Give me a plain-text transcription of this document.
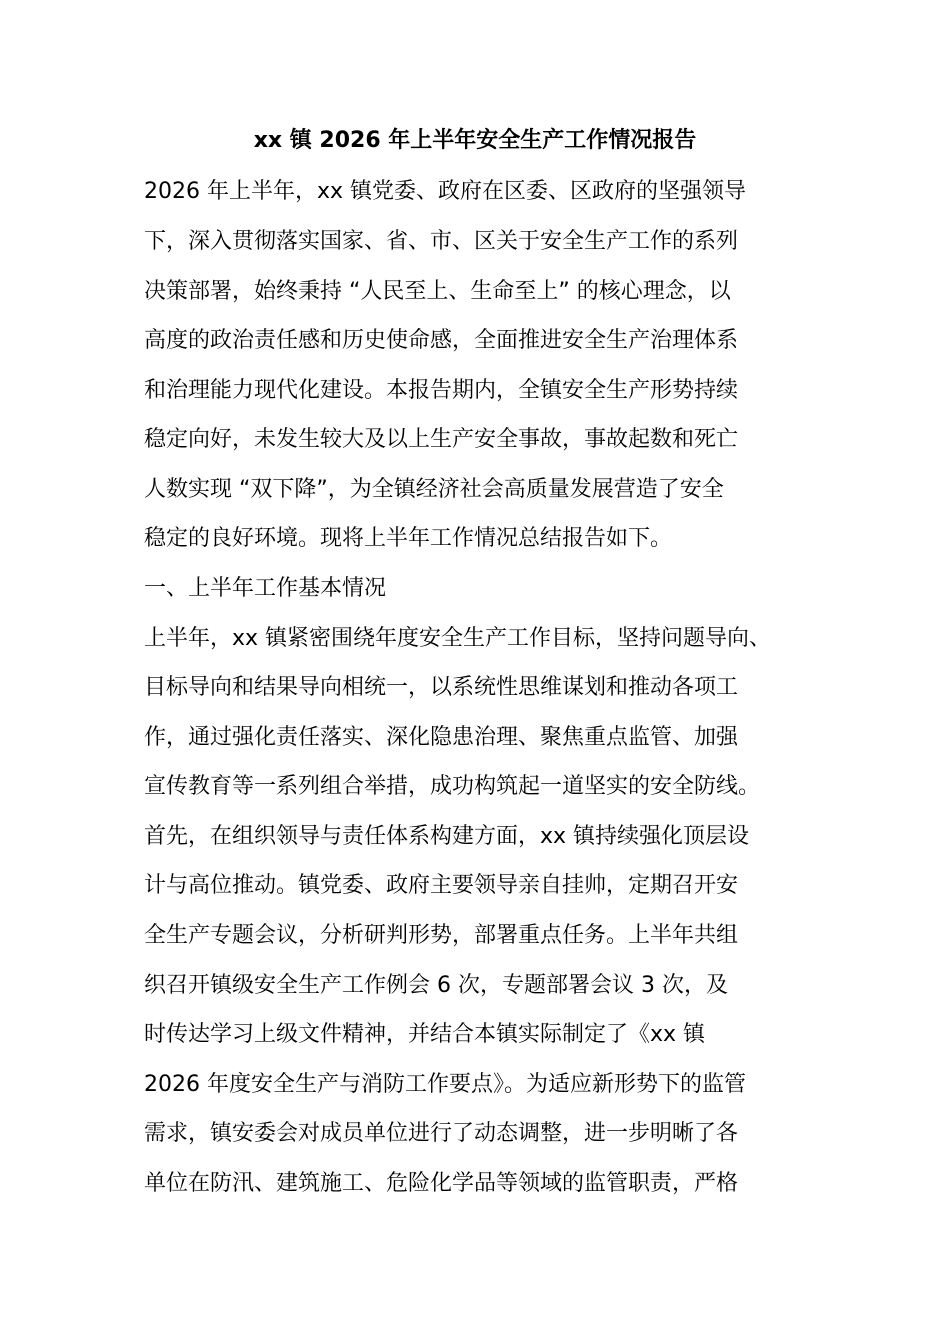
xx 镇 2026 年上半年安全生产工作情况报告
2026 年上半年，xx 镇党委、政府在区委、区政府的坚强领导
下，深入贯彻落实国家、省、市、区关于安全生产工作的系列
决策部署，始终秉持 “人民至上、生命至上” 的核心理念，以
高度的政治责任感和历史使命感，全面推进安全生产治理体系
和治理能力现代化建设。本报告期内，全镇安全生产形势持续
稳定向好，未发生较大及以上生产安全事故，事故起数和死亡
人数实现 “双下降”，为全镇经济社会高质量发展营造了安全
稳定的良好环境。现将上半年工作情况总结报告如下。
一、上半年工作基本情况
上半年，xx 镇紧密围绕年度安全生产工作目标，坚持问题导向、
目标导向和结果导向相统一，以系统性思维谋划和推动各项工
作，通过强化责任落实、深化隐患治理、聚焦重点监管、加强
宣传教育等一系列组合举措，成功构筑起一道坚实的安全防线。
首先，在组织领导与责任体系构建方面，xx 镇持续强化顶层设
计与高位推动。镇党委、政府主要领导亲自挂帅，定期召开安
全生产专题会议，分析研判形势，部署重点任务。上半年共组
织召开镇级安全生产工作例会 6 次，专题部署会议 3 次，及
时传达学习上级文件精神，并结合本镇实际制定了《xx 镇
2026 年度安全生产与消防工作要点》。为适应新形势下的监管
需求，镇安委会对成员单位进行了动态调整，进一步明晰了各
单位在防汛、建筑施工、危险化学品等领域的监管职责，严格
